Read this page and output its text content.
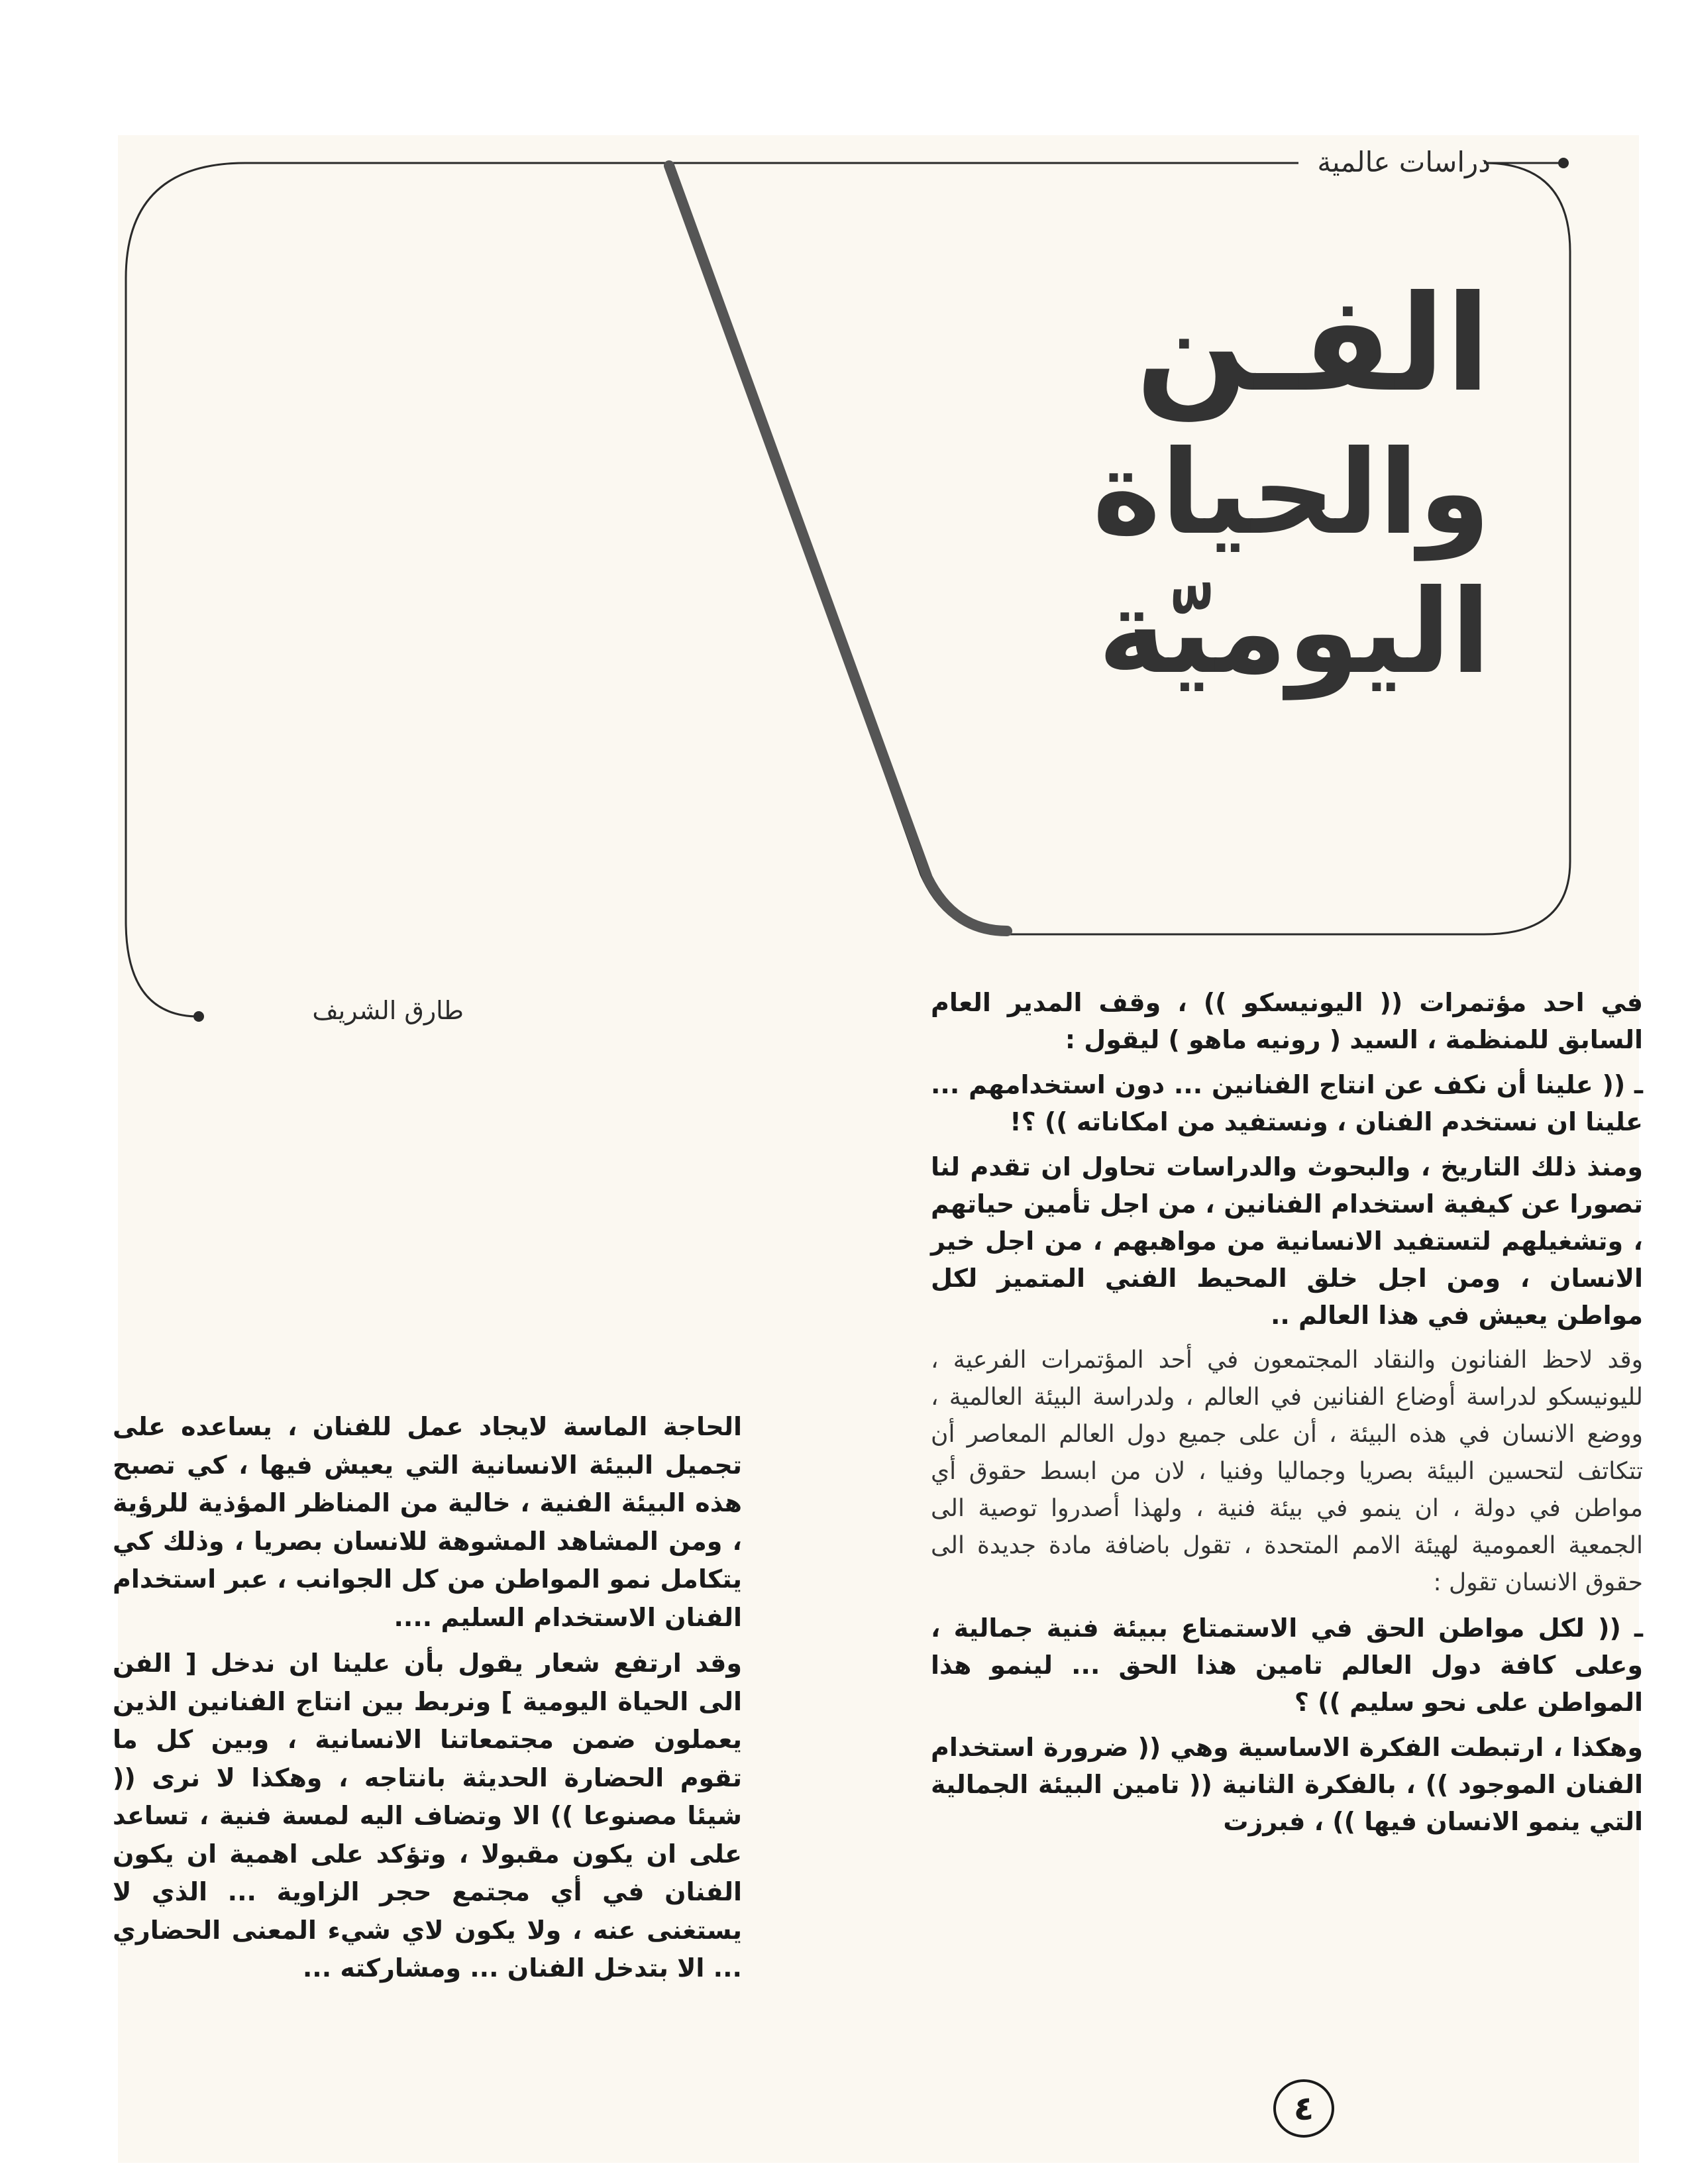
دراسات عالمية
الفـن
والحياة اليوميّة
طارق الشريف	في احد مؤتمرات (( اليونيسكو )) ، وقف المدير العام السابق للمنظمة ، السيد ( رونيه ماهو ) ليقول :

ـ (( علينا أن نكف عن انتاج الفنانين ... دون استخدامهم ... علينا ان نستخدم الفنان ، ونستفيد من امكاناته )) ؟!

ومنذ ذلك التاريخ ، والبحوث والدراسات تحاول ان تقدم لنا تصورا عن كيفية استخدام الفنانين ، من اجل تأمين حياتهم ، وتشغيلهم لتستفيد الانسانية من مواهبهم ، من اجل خير الانسان ، ومن اجل خلق المحيط الفني المتميز لكل مواطن يعيش في هذا العالم ..

وقد لاحظ الفنانون والنقاد المجتمعون في أحد المؤتمرات الفرعية ، لليونيسكو لدراسة أوضاع الفنانين في العالم ، ولدراسة البيئة العالمية ، ووضع الانسان في هذه البيئة ، أن على جميع دول العالم المعاصر أن تتكاتف لتحسين البيئة بصريا وجماليا وفنيا ، لان من ابسط حقوق أي مواطن في دولة ، ان ينمو في بيئة فنية ، ولهذا أصدروا توصية الى الجمعية العمومية لهيئة الامم المتحدة ، تقول باضافة مادة جديدة الى حقوق الانسان تقول :

ـ (( لكل مواطن الحق في الاستمتاع ببيئة فنية جمالية ، وعلى كافة دول العالم تامين هذا الحق ... لينمو هذا المواطن على نحو سليم )) ؟

وهكذا ، ارتبطت الفكرة الاساسية وهي (( ضرورة استخدام الفنان الموجود )) ، بالفكرة الثانية (( تامين البيئة الجمالية التي ينمو الانسان فيها )) ، فبرزت

الحاجة الماسة لايجاد عمل للفنان ، يساعده على تجميل البيئة الانسانية التي يعيش فيها ، كي تصبح هذه البيئة الفنية ، خالية من المناظر المؤذية للرؤية ، ومن المشاهد المشوهة للانسان بصريا ، وذلك كي يتكامل نمو المواطن من كل الجوانب ، عبر استخدام الفنان الاستخدام السليم ....

وقد ارتفع شعار يقول بأن علينا ان ندخل [ الفن الى الحياة اليومية ] ونربط بين انتاج الفنانين الذين يعملون ضمن مجتمعاتنا الانسانية ، وبين كل ما تقوم الحضارة الحديثة بانتاجه ، وهكذا لا نرى (( شيئا مصنوعا )) الا وتضاف اليه لمسة فنية ، تساعد على ان يكون مقبولا ، وتؤكد على اهمية ان يكون الفنان في أي مجتمع حجر الزاوية ... الذي لا يستغنى عنه ، ولا يكون لاي شيء المعنى الحضاري ... الا بتدخل الفنان ... ومشاركته ...

٤
